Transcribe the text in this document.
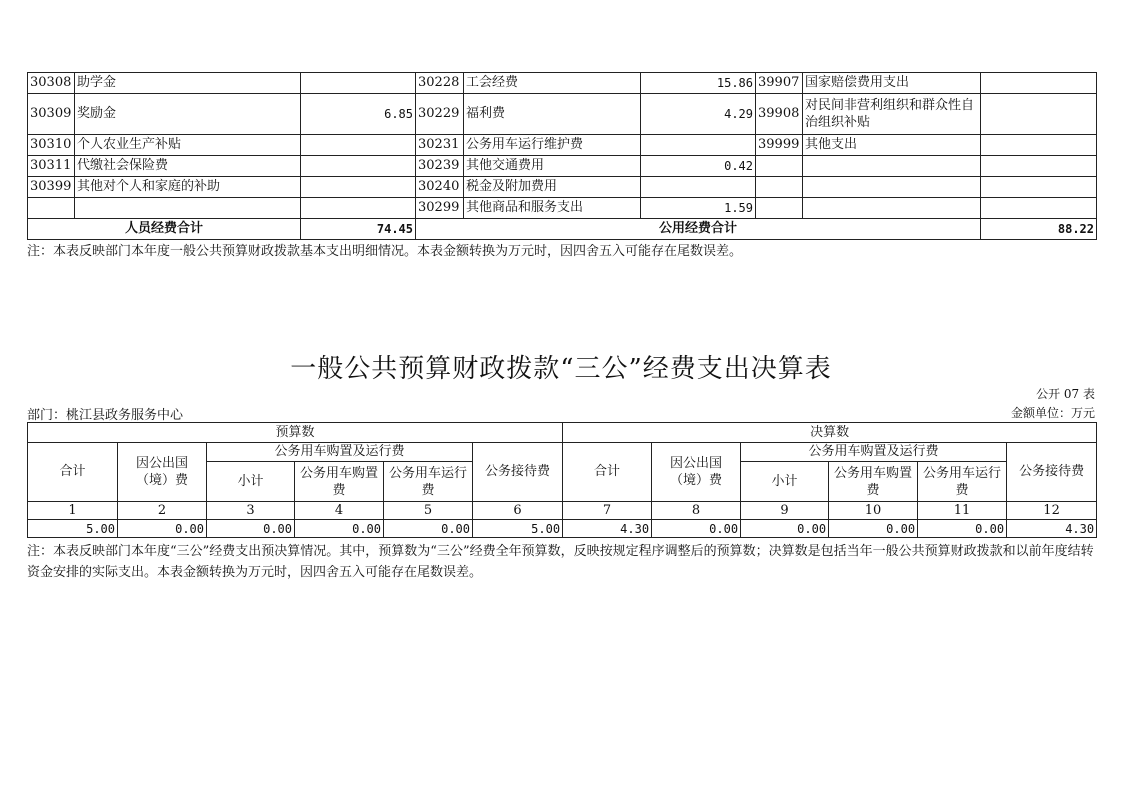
30308	助学金		30228	工会经费	15.86	39907	国家赔偿费用支出	
30309	奖励金	6.85	30229	福利费	4.29	39908	对民间非营利组织和群众性自治组织补贴	
30310	个人农业生产补贴		30231	公务用车运行维护费		39999	其他支出	
30311	代缴社会保险费		30239	其他交通费用	0.42			
30399	其他对个人和家庭的补助		30240	税金及附加费用				
			30299	其他商品和服务支出	1.59			
人员经费合计		74.45	公用经费合计					88.22
注：本表反映部门本年度一般公共预算财政拨款基本支出明细情况。本表金额转换为万元时，因四舍五入可能存在尾数误差。
一般公共预算财政拨款“三公”经费支出决算表
公开 07 表
部门：桃江县政务服务中心	金额单位：万元
预算数						决算数					
合计	因公出国（境）费	公务用车购置及运行费			公务接待费	合计	因公出国（境）费	公务用车购置及运行费			公务接待费
		小计	公务用车购置费	公务用车运行费				小计	公务用车购置费	公务用车运行费	
1	2	3	4	5	6	7	8	9	10	11	12
5.00	0.00	0.00	0.00	0.00	5.00	4.30	0.00	0.00	0.00	0.00	4.30
注：本表反映部门本年度“三公”经费支出预决算情况。其中，预算数为“三公”经费全年预算数，反映按规定程序调整后的预算数；决算数是包括当年一般公共预算财政拨款和以前年度结转资金安排的实际支出。本表金额转换为万元时，因四舍五入可能存在尾数误差。
